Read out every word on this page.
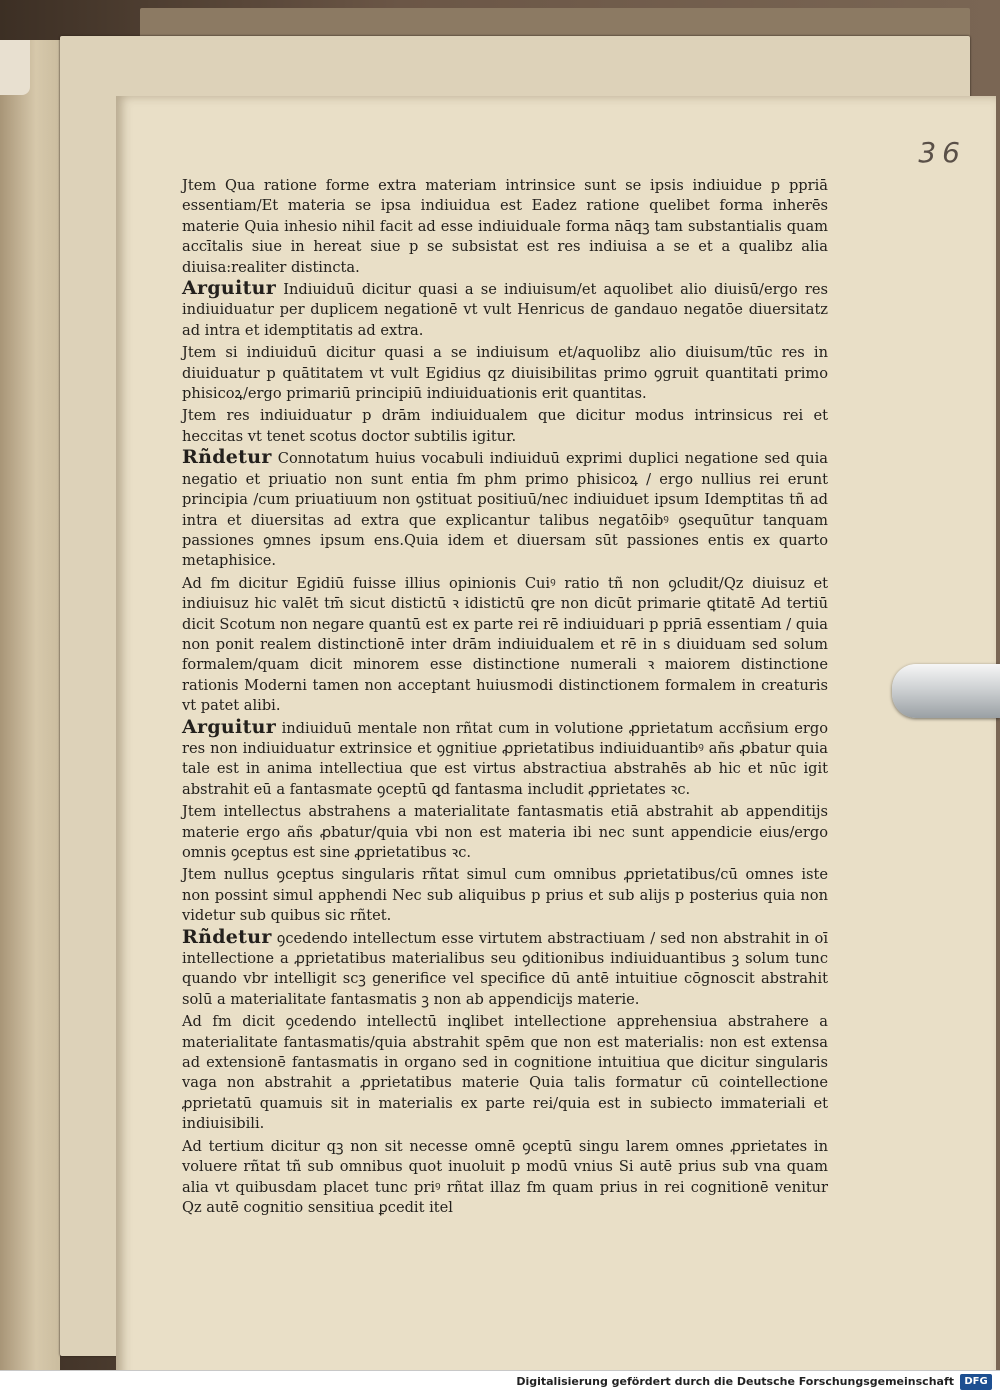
36

Jtem Qua ratione forme extra materiam intrinsice sunt se ipsis indiuidue p ppriā essentiam/Et materia se ipsa indiuidua est Eadez ratione quelibet forma inherēs materie Quia inhesio nihil facit ad esse indiuiduale forma nāqꝫ tam substantialis quam accītalis siue in hereat siue p se subsistat est res indiuisa a se et a qualibz alia diuisa:realiter distincta.

Arguitur Indiuiduū dicitur quasi a se indiuisum/et aquolibet alio diuisū/ergo res indiuiduatur per duplicem negationē vt vult Henricus de gandauo negatōe diuersitatz ad intra et idemptitatis ad extra.

Jtem si indiuiduū dicitur quasi a se indiuisum et/aquolibz alio diuisum/tūc res in diuiduatur p quātitatem vt vult Egidius qz diuisibilitas primo ꝯgruit quantitati primo phisicoꝝ/ergo primariū principiū indiuiduationis erit quantitas.

Jtem res indiuiduatur p drām indiuidualem que dicitur modus intrinsicus rei et heccitas vt tenet scotus doctor subtilis igitur.

Rñdetur Connotatum huius vocabuli indiuiduū exprimi duplici negatione sed quia negatio et priuatio non sunt entia fm phm primo phisicoꝝ / ergo nullius rei erunt principia /cum priuatiuum non ꝯstituat positiuū/nec indiuiduet ipsum Idemptitas tñ ad intra et diuersitas ad extra que explicantur talibus negatōibꝰ ꝯsequūtur tanquam passiones ꝯmnes ipsum ens.Quia idem et diuersam sūt passiones entis ex quarto metaphisice.

Ad fm dicitur Egidiū fuisse illius opinionis Cuiꝰ ratio tñ non ꝯcludit/Qz diuisuz et indiuisuz hic valēt tm̄ sicut distictū ꝛ idistictū ꝗre non dicūt primarie ꝗtitatē Ad tertiū dicit Scotum non negare quantū est ex parte rei rē indiuiduari p ppriā essentiam / quia non ponit realem distinctionē inter drām indiuidualem et rē in s diuiduam sed solum formalem/quam dicit minorem esse distinctione numerali ꝛ maiorem distinctione rationis Moderni tamen non acceptant huiusmodi distinctionem formalem in creaturis vt patet alibi.

Arguitur indiuiduū mentale non rñtat cum in volutione ꝓprietatum accñsium ergo res non indiuiduatur extrinsice et ꝯgnitiue ꝓprietatibus indiuiduantibꝰ añs ꝓbatur quia tale est in anima intellectiua que est virtus abstractiua abstrahēs ab hic et nūc igit abstrahit eū a fantasmate ꝯceptū ꝗd fantasma includit ꝓprietates ꝛc.

Jtem intellectus abstrahens a materialitate fantasmatis etiā abstrahit ab appenditijs materie ergo añs ꝓbatur/quia vbi non est materia ibi nec sunt appendicie eius/ergo omnis ꝯceptus est sine ꝓprietatibus ꝛc.

Jtem nullus ꝯceptus singularis rñtat simul cum omnibus ꝓprietatibus/cū omnes iste non possint simul apphendi Nec sub aliquibus p prius et sub alijs p posterius quia non videtur sub quibus sic rñtet.

Rñdetur ꝯcedendo intellectum esse virtutem abstractiuam / sed non abstrahit in oī intellectione a ꝓprietatibus materialibus seu ꝯditionibus indiuiduantibus ꝫ solum tunc quando vbr intelligit scꝫ generifice vel specifice dū antē intuitiue cōgnoscit abstrahit solū a materialitate fantasmatis ꝫ non ab appendicijs materie.

Ad fm dicit ꝯcedendo intellectū inꝗlibet intellectione apprehensiua abstrahere a materialitate fantasmatis/quia abstrahit spēm que non est materialis: non est extensa ad extensionē fantasmatis in organo sed in cognitione intuitiua que dicitur singularis vaga non abstrahit a ꝓprietatibus materie Quia talis formatur cū cointellectione ꝓprietatū quamuis sit in materialis ex parte rei/quia est in subiecto immateriali et indiuisibili.

Ad tertium dicitur qꝫ non sit necesse omnē ꝯceptū singu larem omnes ꝓprietates in voluere rñtat tñ sub omnibus quot inuoluit p modū vnius Si autē prius sub vna quam alia vt quibusdam placet tunc priꝰ rñtat illaz fm quam prius in rei cognitionē venitur Qz autē cognitio sensitiua ꝑcedit itel

Digitalisierung gefördert durch die Deutsche Forschungsgemeinschaft	DFG
